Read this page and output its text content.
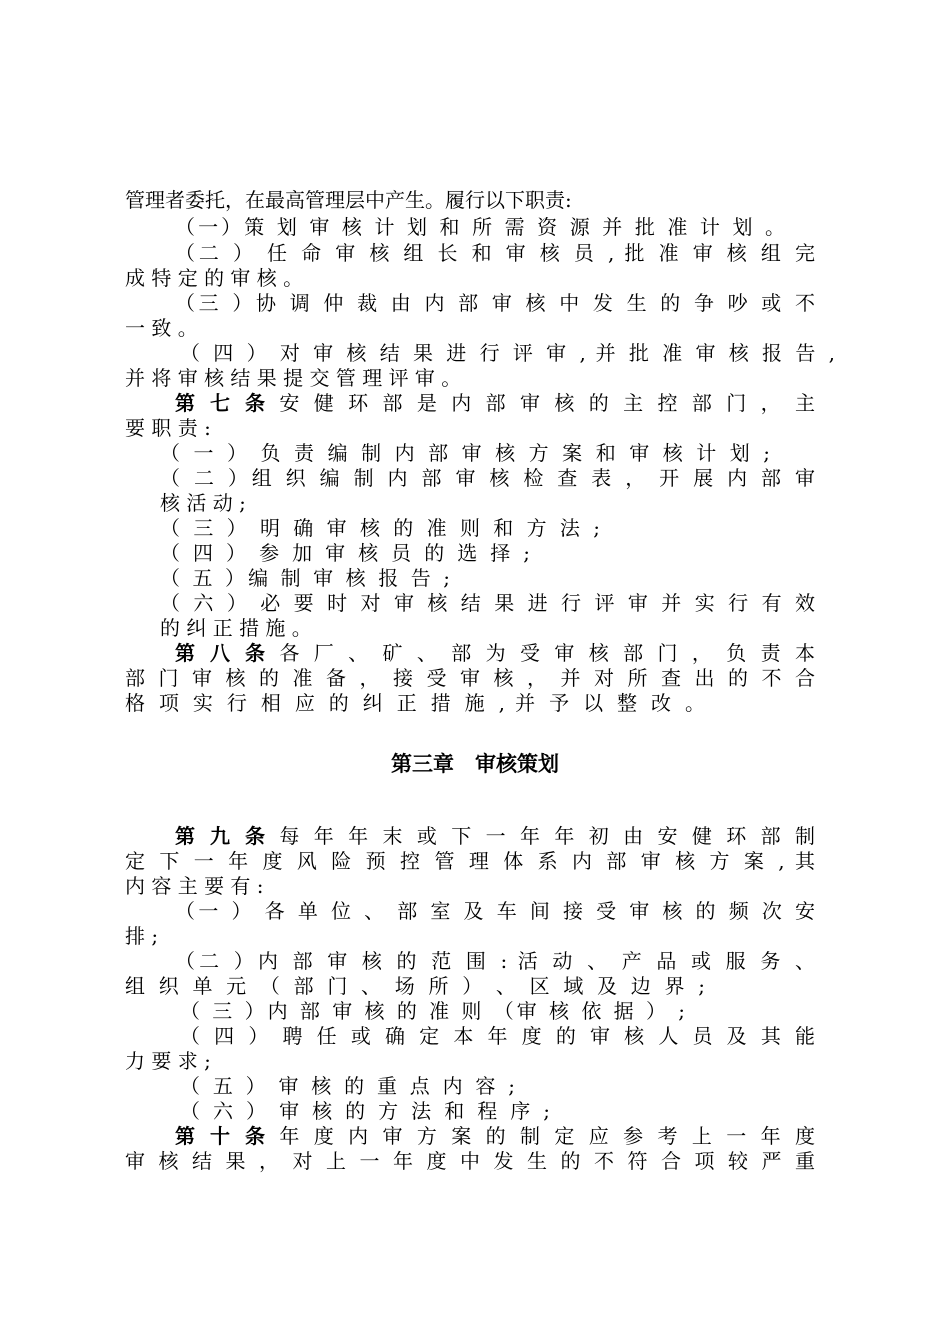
管理者委托，在最高管理层中产生。履行以下职责:
（一）策 划 审 核 计 划 和 所 需 资 源 并 批 准 计 划 。
（二 ） 任 命 审 核 组 长 和 审 核 员 , 批 准 审 核 组 完
成 特 定 的 审 核 。
（三 ）协 调 仲 裁 由 内 部 审 核 中 发 生 的 争 吵 或 不
一 致 。
（ 四 ） 对 审 核 结 果 进 行 评 审 , 并 批 准 审 核 报 告 ,
并 将 审 核 结 果 提 交 管 理 评 审 。
第 七 条 安 健 环 部 是 内 部 审 核 的 主 控 部 门 ， 主
要 职 责 :
（ 一 ） 负 责 编 制 内 部 审 核 方 案 和 审 核 计 划 ;
（ 二 ）组 织 编 制 内 部 审 核 检 查 表 ， 开 展 内 部 审
核 活 动 ;
（ 三 ） 明 确 审 核 的 准 则 和 方 法 ;
（ 四 ） 参 加 审 核 员 的 选 择 ;
（ 五 ）编 制 审 核 报 告 ;
（ 六 ） 必 要 时 对 审 核 结 果 进 行 评 审 并 实 行 有 效
的 纠 正 措 施 。
第 八 条 各 厂 、 矿 、 部 为 受 审 核 部 门 ， 负 责 本
部 门 审 核 的 准 备 ， 接 受 审 核 ， 并 对 所 查 出 的 不 合
格 项 实 行 相 应 的 纠 正 措 施 , 并 予 以 整 改 。
第三章　审核策划
第 九 条 每 年 年 末 或 下 一 年 年 初 由 安 健 环 部 制
定 下 一 年 度 风 险 预 控 管 理 体 系 内 部 审 核 方 案 , 其
内 容 主 要 有 :
（一 ） 各 单 位 、 部 室 及 车 间 接 受 审 核 的 频 次 安
排 ;
（二 ）内 部 审 核 的 范 围 : 活 动 、 产 品 或 服 务 、
组 织 单 元 （ 部 门 、 场 所 ） 、 区 域 及 边 界 ;
（ 三 ）内 部 审 核 的 准 则 （审 核 依 据 ） ;
（ 四 ） 聘 任 或 确 定 本 年 度 的 审 核 人 员 及 其 能
力 要 求 ;
（ 五 ） 审 核 的 重 点 内 容 ;
（ 六 ） 审 核 的 方 法 和 程 序 ;
第 十 条 年 度 内 审 方 案 的 制 定 应 参 考 上 一 年 度
审 核 结 果 ， 对 上 一 年 度 中 发 生 的 不 符 合 项 较 严 重
